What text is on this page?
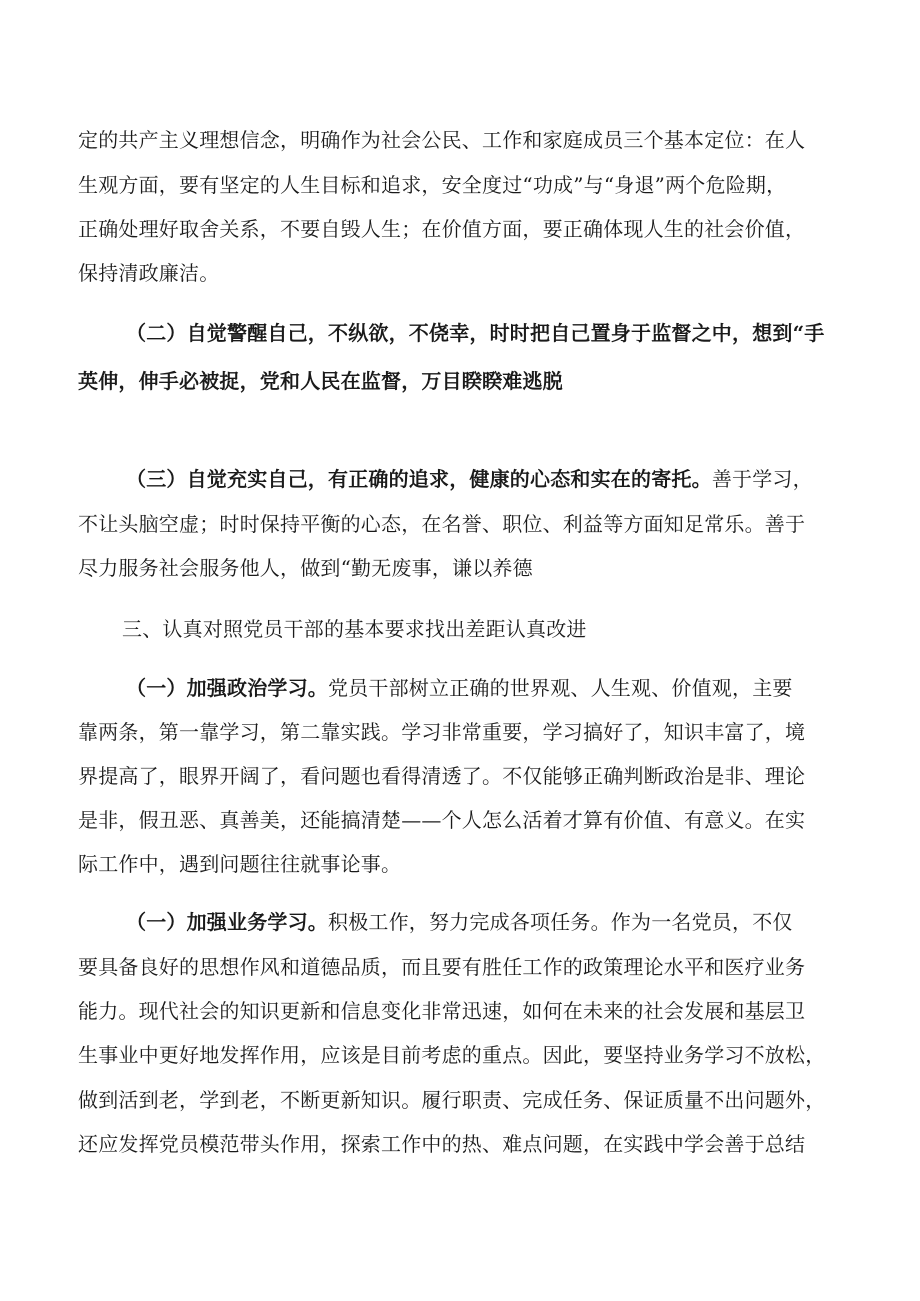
定的共产主义理想信念，明确作为社会公民、工作和家庭成员三个基本定位：在人
生观方面，要有坚定的人生目标和追求，安全度过“功成”与“身退”两个危险期，
正确处理好取舍关系，不要自毁人生；在价值方面，要正确体现人生的社会价值，
保持清政廉洁。
（二）自觉警醒自己，不纵欲，不侥幸，时时把自己置身于监督之中，想到“手
英伸，伸手必被捉，党和人民在监督，万目睽睽难逃脱
（三）自觉充实自己，有正确的追求，健康的心态和实在的寄托。善于学习，
不让头脑空虚；时时保持平衡的心态，在名誉、职位、利益等方面知足常乐。善于
尽力服务社会服务他人，做到“勤无废事，谦以养德
三、认真对照党员干部的基本要求找出差距认真改进
（一）加强政治学习。党员干部树立正确的世界观、人生观、价值观，主要
靠两条，第一靠学习，第二靠实践。学习非常重要，学习搞好了，知识丰富了，境
界提高了，眼界开阔了，看问题也看得清透了。不仅能够正确判断政治是非、理论
是非，假丑恶、真善美，还能搞清楚——个人怎么活着才算有价值、有意义。在实
际工作中，遇到问题往往就事论事。
（一）加强业务学习。积极工作，努力完成各项任务。作为一名党员，不仅
要具备良好的思想作风和道德品质，而且要有胜任工作的政策理论水平和医疗业务
能力。现代社会的知识更新和信息变化非常迅速，如何在未来的社会发展和基层卫
生事业中更好地发挥作用，应该是目前考虑的重点。因此，要坚持业务学习不放松，
做到活到老，学到老，不断更新知识。履行职责、完成任务、保证质量不出问题外，
还应发挥党员模范带头作用，探索工作中的热、难点问题，在实践中学会善于总结
